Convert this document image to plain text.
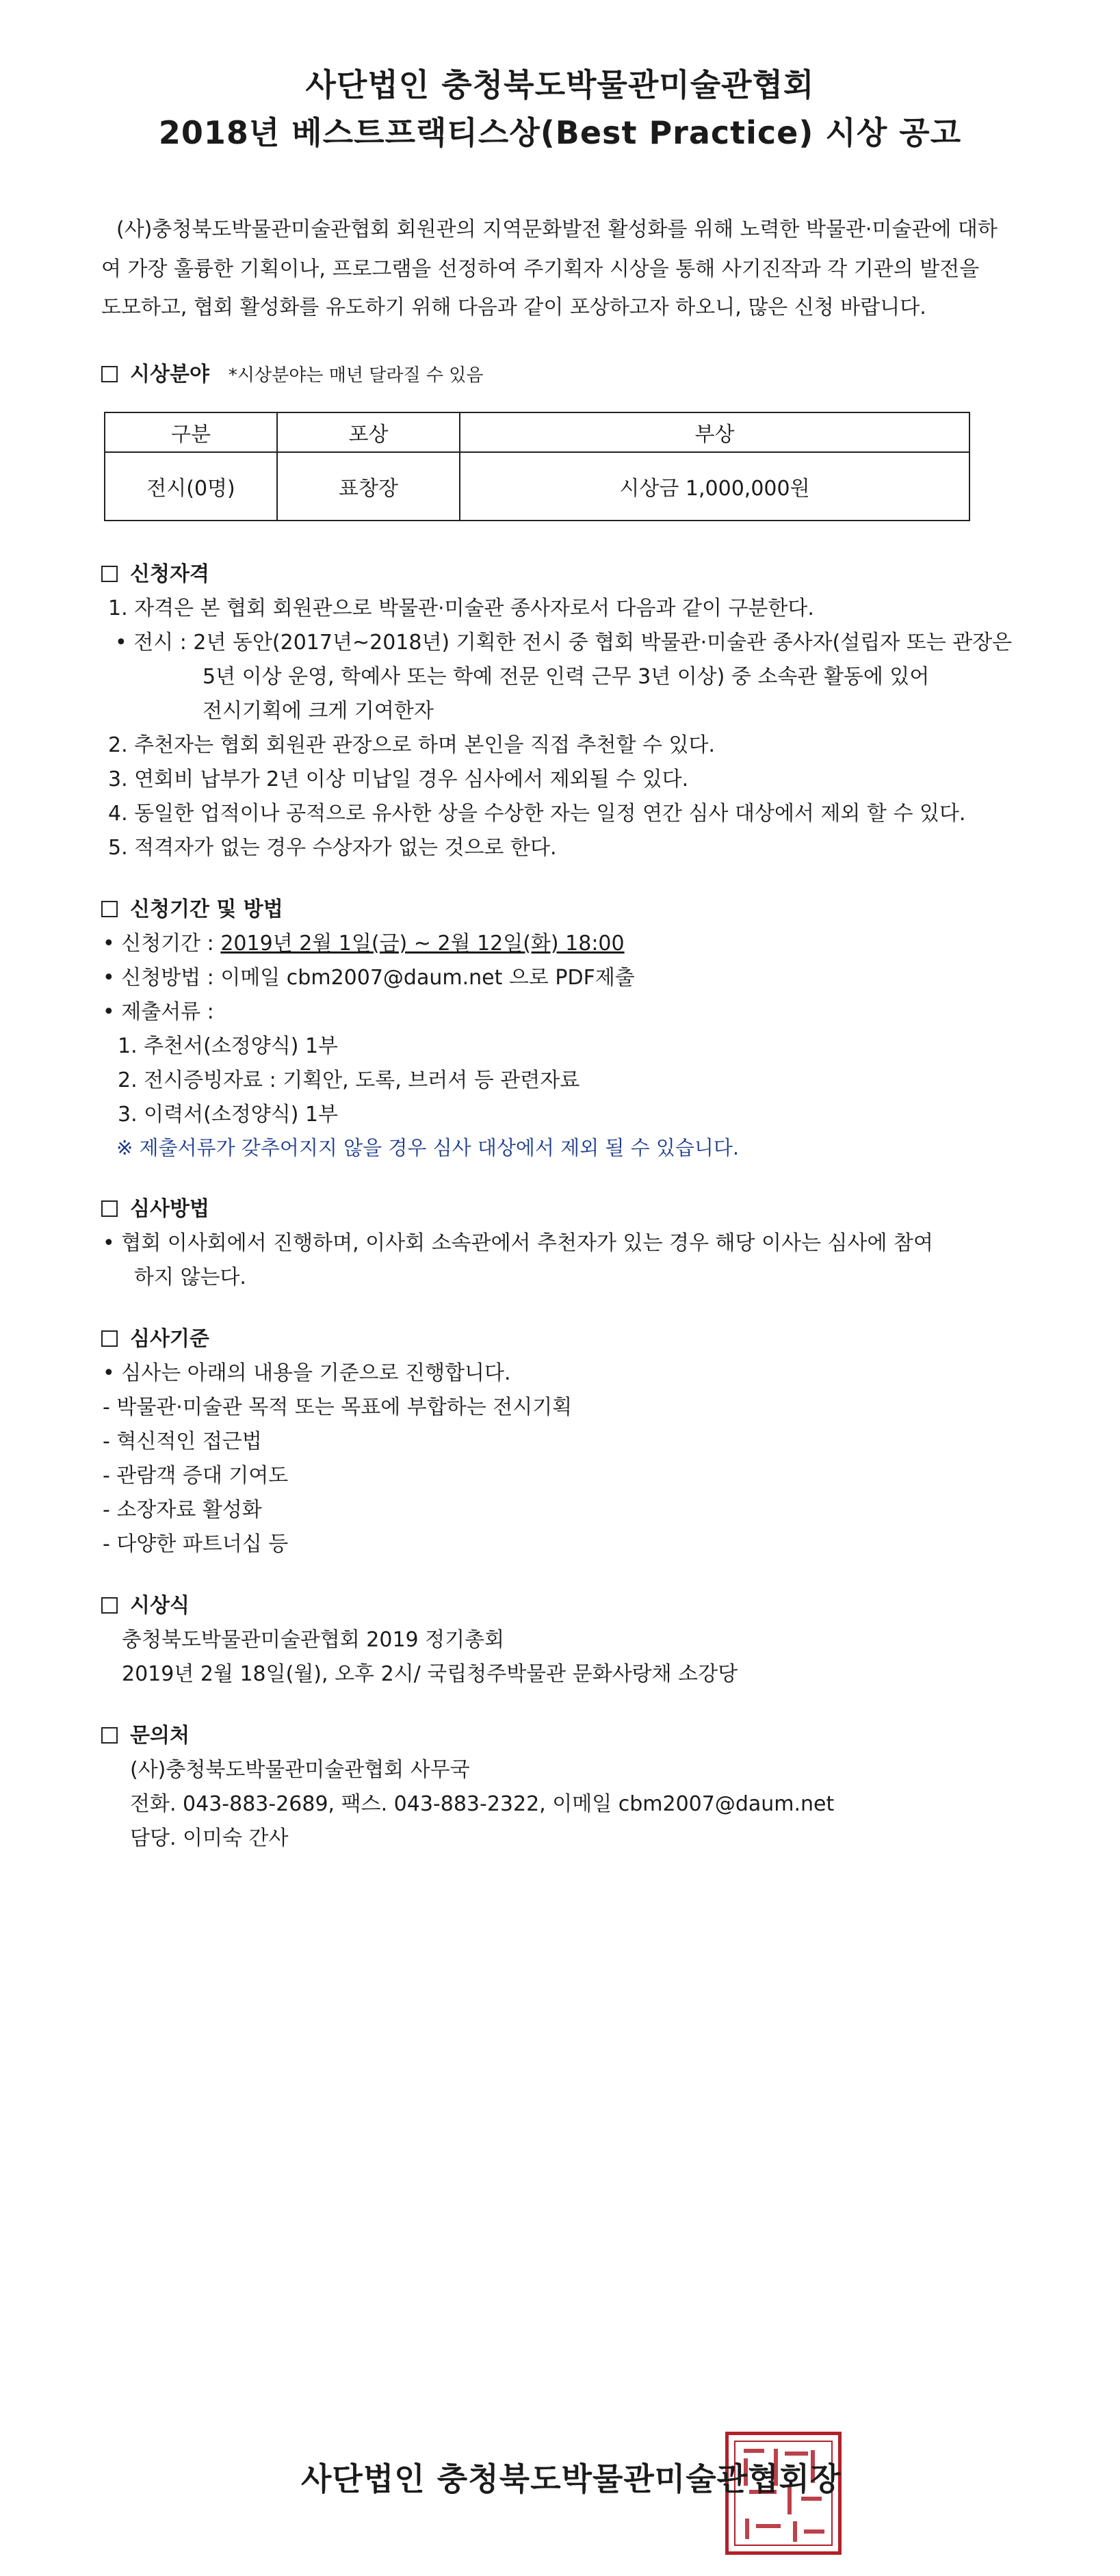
사단법인 충청북도박물관미술관협회
2018년 베스트프랙티스상(Best Practice) 시상 공고
(사)충청북도박물관미술관협회 회원관의 지역문화발전 활성화를 위해 노력한 박물관·미술관에 대하
여 가장 훌륭한 기획이나, 프로그램을 선정하여 주기획자 시상을 통해 사기진작과 각 기관의 발전을
도모하고, 협회 활성화를 유도하기 위해 다음과 같이 포상하고자 하오니, 많은 신청 바랍니다.
시상분야 *시상분야는 매년 달라질 수 있음
구분	포상	부상
전시(0명)	표창장	시상금 1,000,000원
신청자격
1. 자격은 본 협회 회원관으로 박물관·미술관 종사자로서 다음과 같이 구분한다.
• 전시 : 2년 동안(2017년~2018년) 기획한 전시 중 협회 박물관·미술관 종사자(설립자 또는 관장은
5년 이상 운영, 학예사 또는 학예 전문 인력 근무 3년 이상) 중 소속관 활동에 있어
전시기획에 크게 기여한자
2. 추천자는 협회 회원관 관장으로 하며 본인을 직접 추천할 수 있다.
3. 연회비 납부가 2년 이상 미납일 경우 심사에서 제외될 수 있다.
4. 동일한 업적이나 공적으로 유사한 상을 수상한 자는 일정 연간 심사 대상에서 제외 할 수 있다.
5. 적격자가 없는 경우 수상자가 없는 것으로 한다.
신청기간 및 방법
• 신청기간 : 2019년 2월 1일(금) ~ 2월 12일(화) 18:00
• 신청방법 : 이메일 cbm2007@daum.net 으로 PDF제출
• 제출서류 :
1. 추천서(소정양식) 1부
2. 전시증빙자료 : 기획안, 도록, 브러셔 등 관련자료
3. 이력서(소정양식) 1부
※ 제출서류가 갖추어지지 않을 경우 심사 대상에서 제외 될 수 있습니다.
심사방법
• 협회 이사회에서 진행하며, 이사회 소속관에서 추천자가 있는 경우 해당 이사는 심사에 참여
하지 않는다.
심사기준
• 심사는 아래의 내용을 기준으로 진행합니다.
- 박물관·미술관 목적 또는 목표에 부합하는 전시기획
- 혁신적인 접근법
- 관람객 증대 기여도
- 소장자료 활성화
- 다양한 파트너십 등
시상식
충청북도박물관미술관협회 2019 정기총회
2019년 2월 18일(월), 오후 2시/ 국립청주박물관 문화사랑채 소강당
문의처
(사)충청북도박물관미술관협회 사무국
전화. 043-883-2689, 팩스. 043-883-2322, 이메일 cbm2007@daum.net
담당. 이미숙 간사
사단법인 충청북도박물관미술관협회장
